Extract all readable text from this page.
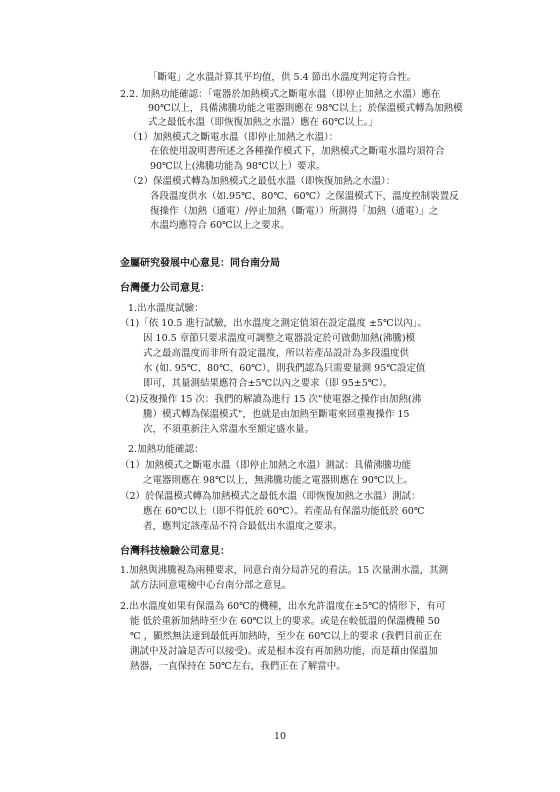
「斷電」之水溫計算其平均值，供 5.4 節出水溫度判定符合性。
2.2. 加熱功能確認：「電器於加熱模式之斷電水溫（即停止加熱之水溫）應在
90℃以上，具備沸騰功能之電器則應在 98℃以上；於保溫模式轉為加熱模
式之最低水溫（即恢復加熱之水溫）應在 60℃以上。」
（1）加熱模式之斷電水溫（即停止加熱之水溫）：
在依使用說明書所述之各種操作模式下，加熱模式之斷電水溫均須符合
90℃以上(沸騰功能為 98℃以上）要求。
（2）保溫模式轉為加熱模式之最低水溫（即恢復加熱之水溫）：
各段溫度供水（如.95℃、80℃、60℃）之保溫模式下，溫度控制裝置反
復操作（加熱（通電）/停止加熱（斷電））所測得「加熱（通電）」之
水溫均應符合 60℃以上之要求。
金屬研究發展中心意見：同台南分局
台灣優力公司意見：
1.出水溫度試驗：
（1)「依 10.5 進行試驗，出水溫度之測定值須在設定溫度 ±5℃以內」。
因 10.5 章節只要求溫度可調整之電器設定於可啟動加熱(沸騰)模
式之最高溫度而非所有設定溫度，所以若產品設計為多段溫度供
水 (如. 95℃、80℃、60℃），則我們認為只需要量測 95℃設定值
即可，其量測結果應符合±5℃以內之要求（即 95±5℃）。
（2)反複操作 15 次：我們的解讀為進行 15 次"使電器之操作由加熱(沸
騰）模式轉為保溫模式"，也就是由加熱至斷電來回重複操作 15
次，不須重新注入常溫水至額定盛水量。
2.加熱功能確認：
（1）加熱模式之斷電水溫（即停止加熱之水溫）測試：具備沸騰功能
之電器則應在 98℃以上，無沸騰功能之電器則應在 90℃以上。
（2）於保溫模式轉為加熱模式之最低水溫（即恢復加熱之水溫）測試：
應在 60℃以上（即不得低於 60℃）。若產品有保溫功能低於 60℃
者，應判定該產品不符合最低出水溫度之要求。
台灣科技檢驗公司意見：
1.加熱與沸騰視為兩種要求，同意台南分局許兄的看法。15 次量測水溫，其測
試方法同意電檢中心台南分部之意見。
2.出水溫度如果有保溫為 60℃的機種，出水允許溫度在±5℃的情形下，有可
能 低於重新加熱時至少在 60℃以上的要求。或是在較低溫的保溫機種 50
℃ ，顯然無法達到最低再加熱時，至少在 60℃以上的要求 (我們目前正在
測試中及討論是否可以接受)。或是根本沒有再加熱功能，而是藉由保溫加
熱器，一直保持在 50℃左右，我們正在了解當中。
10
